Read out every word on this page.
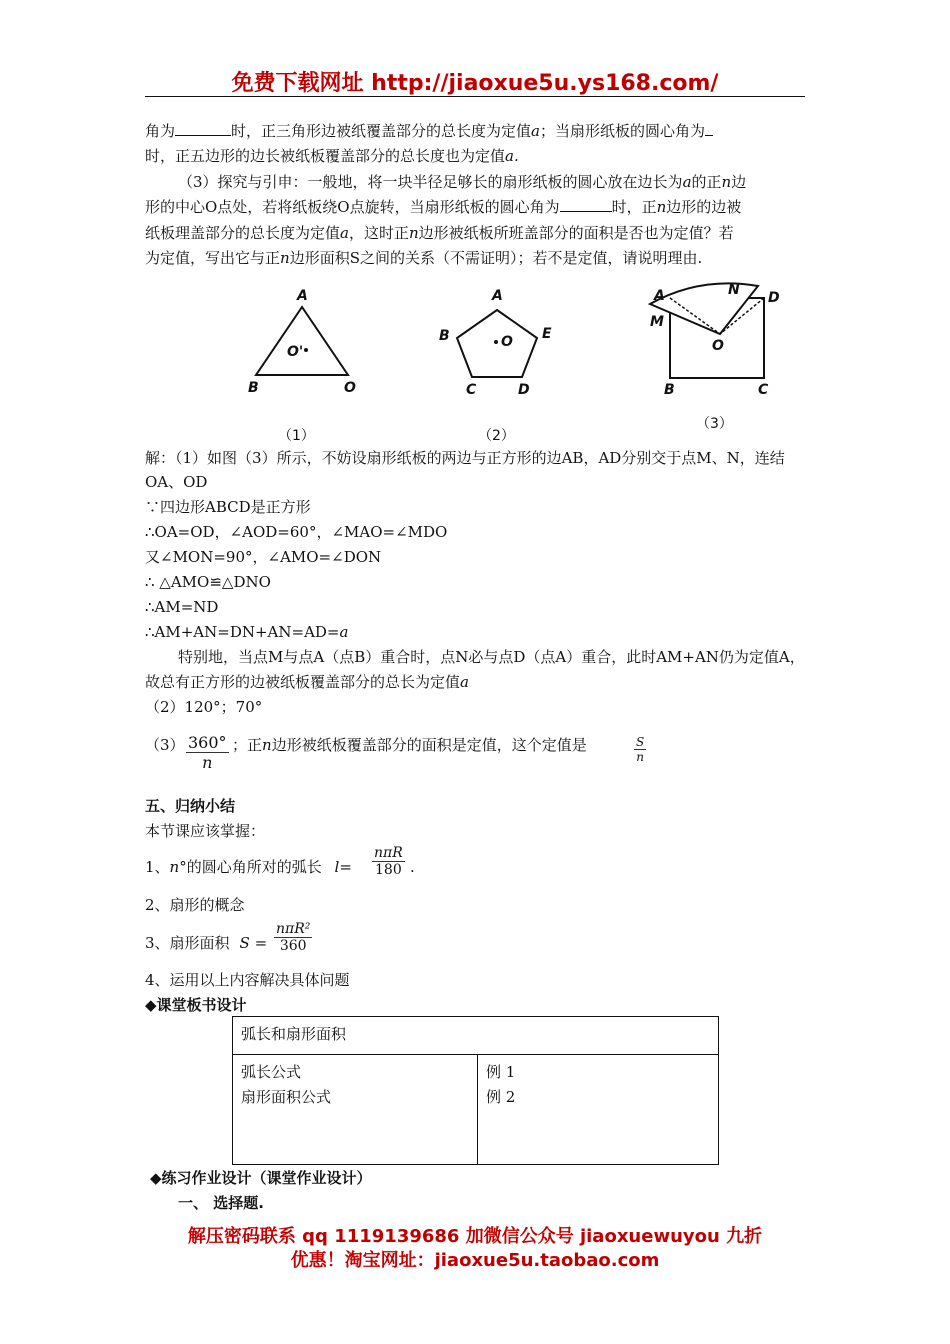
免费下载网址 http://jiaoxue5u.ys168.com/
角为	时，正三角形边被纸覆盖部分的总长度为定值a；当扇形纸板的圆心角为
时，正五边形的边长被纸板覆盖部分的总长度也为定值a.
（3）探究与引申：一般地，将一块半径足够长的扇形纸板的圆心放在边长为a的正n边
形的中心O点处，若将纸板绕O点旋转，当扇形纸板的圆心角为	时，正n边形的边被
纸板理盖部分的总长度为定值a，这时正n边形被纸板所班盖部分的面积是否也为定值？若
为定值，写出它与正n边形面积S之间的关系（不需证明）；若不是定值，请说明理由.
A
B	O
O'
（1）
A
B	E
C	D
O
（2）
A	N D
M
O
B	C
（3）
解：（1）如图（3）所示，不妨设扇形纸板的两边与正方形的边AB，AD分别交于点M、N，连结
OA、OD
∵四边形ABCD是正方形
∴OA=OD，∠AOD=60°，∠MAO=∠MDO
又∠MON=90°，∠AMO=∠DON
∴ △AMO≌△DNO
∴AM=ND
∴AM+AN=DN+AN=AD=a
特别地，当点M与点A（点B）重合时，点N必与点D（点A）重合，此时AM+AN仍为定值A，
故总有正方形的边被纸板覆盖部分的总长为定值a
（2）120°；70°
$(3) \frac{360^\circ}{n}$ ；正n边形被纸板覆盖部分的面积是定值，这个定值是	$\frac{S}{n}$
五、归纳小结
本节课应该掌握：
1、n°的圆心角所对的弧长 l=
nπR
180 .
2、扇形的概念
3、扇形面积 S =
nπR²
360
4、运用以上内容解决具体问题
◆课堂板书设计
弧长和扇形面积

弧长公式
扇形面积公式

例 1
例 2
◆练习作业设计（课堂作业设计）
一、 选择题.
解压密码联系 qq 1119139686 加微信公众号 jiaoxuewuyou 九折
优惠！淘宝网址：jiaoxue5u.taobao.com
